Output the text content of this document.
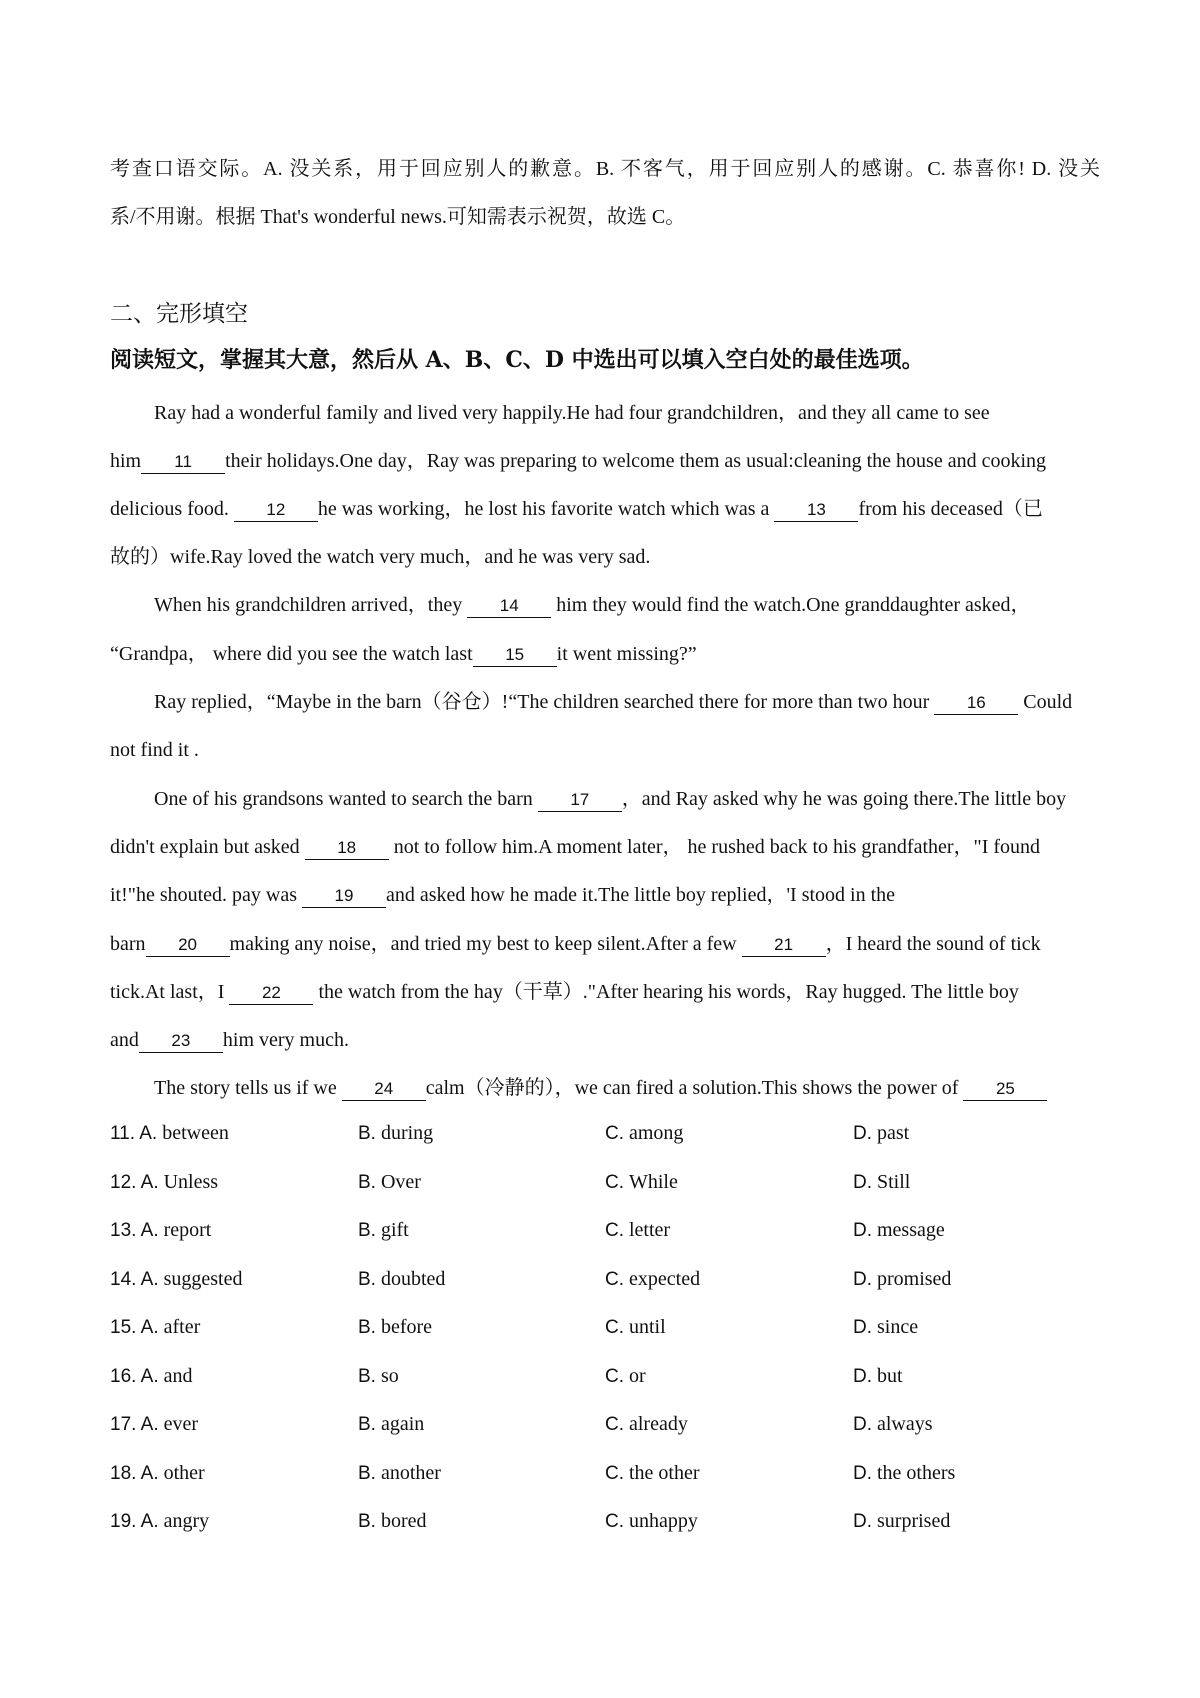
考查口语交际。A. 没关系，用于回应别人的歉意。B. 不客气，用于回应别人的感谢。C. 恭喜你! D. 没关
系/不用谢。根据 That's wonderful news.可知需表示祝贺，故选 C。
二、完形填空
阅读短文，掌握其大意，然后从 A、B、C、D 中选出可以填入空白处的最佳选项。
Ray had a wonderful family and lived very happily.He had four grandchildren，and they all came to see
him 11 their holidays.One day，Ray was preparing to welcome them as usual:cleaning the house and cooking
delicious food. 12 he was working，he lost his favorite watch which was a 13 from his deceased（已
故的）wife.Ray loved the watch very much，and he was very sad.
When his grandchildren arrived，they 14 him they would find the watch.One granddaughter asked，
“Grandpa， where did you see the watch last 15 it went missing?”
Ray replied，“Maybe in the barn（谷仓）!“The children searched there for more than two hour 16 Could
not find it .
One of his grandsons wanted to search the barn 17 ，and Ray asked why he was going there.The little boy
didn't explain but asked 18 not to follow him.A moment later， he rushed back to his grandfather，"I found
it!"he shouted. pay was 19 and asked how he made it.The little boy replied，'I stood in the
barn 20 making any noise，and tried my best to keep silent.After a few 21 ，I heard the sound of tick
tick.At last，I 22 the watch from the hay（干草）."After hearing his words，Ray hugged. The little boy
and 23 him very much.
The story tells us if we 24 calm（冷静的），we can fired a solution.This shows the power of 25
11. A. between	B. during	C. among	D. past
12. A. Unless	B. Over	C. While	D. Still
13. A. report	B. gift	C. letter	D. message
14. A. suggested	B. doubted	C. expected	D. promised
15. A. after	B. before	C. until	D. since
16. A. and	B. so	C. or	D. but
17. A. ever	B. again	C. already	D. always
18. A. other	B. another	C. the other	D. the others
19. A. angry	B. bored	C. unhappy	D. surprised
